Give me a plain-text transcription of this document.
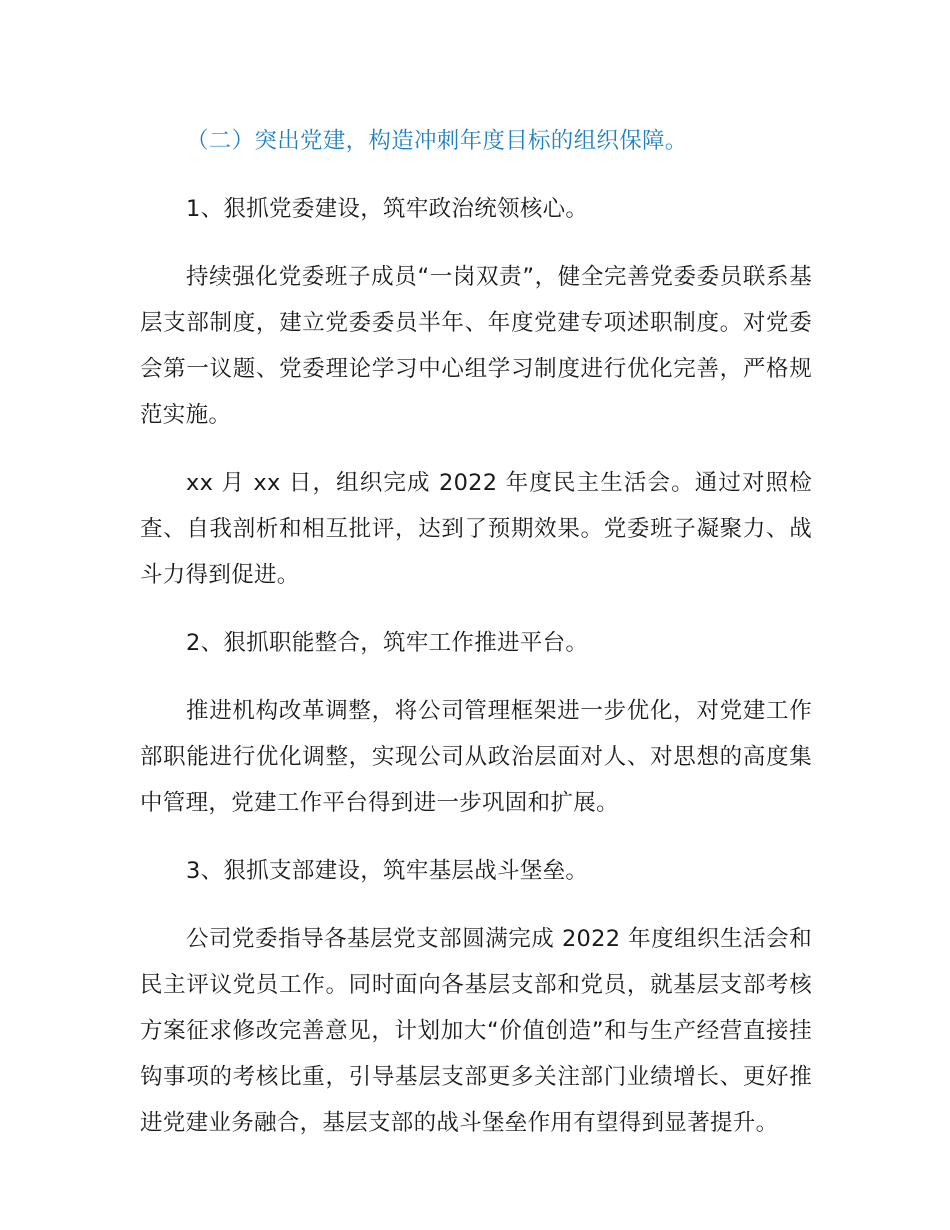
（二）突出党建，构造冲刺年度目标的组织保障。

1、狠抓党委建设，筑牢政治统领核心。

持续强化党委班子成员“一岗双责”，健全完善党委委员联系基层支部制度，建立党委委员半年、年度党建专项述职制度。对党委会第一议题、党委理论学习中心组学习制度进行优化完善，严格规范实施。

xx 月 xx 日，组织完成 2022 年度民主生活会。通过对照检查、自我剖析和相互批评，达到了预期效果。党委班子凝聚力、战斗力得到促进。

2、狠抓职能整合，筑牢工作推进平台。

推进机构改革调整，将公司管理框架进一步优化，对党建工作部职能进行优化调整，实现公司从政治层面对人、对思想的高度集中管理，党建工作平台得到进一步巩固和扩展。

3、狠抓支部建设，筑牢基层战斗堡垒。

公司党委指导各基层党支部圆满完成 2022 年度组织生活会和民主评议党员工作。同时面向各基层支部和党员，就基层支部考核方案征求修改完善意见，计划加大“价值创造”和与生产经营直接挂钩事项的考核比重，引导基层支部更多关注部门业绩增长、更好推进党建业务融合，基层支部的战斗堡垒作用有望得到显著提升。
